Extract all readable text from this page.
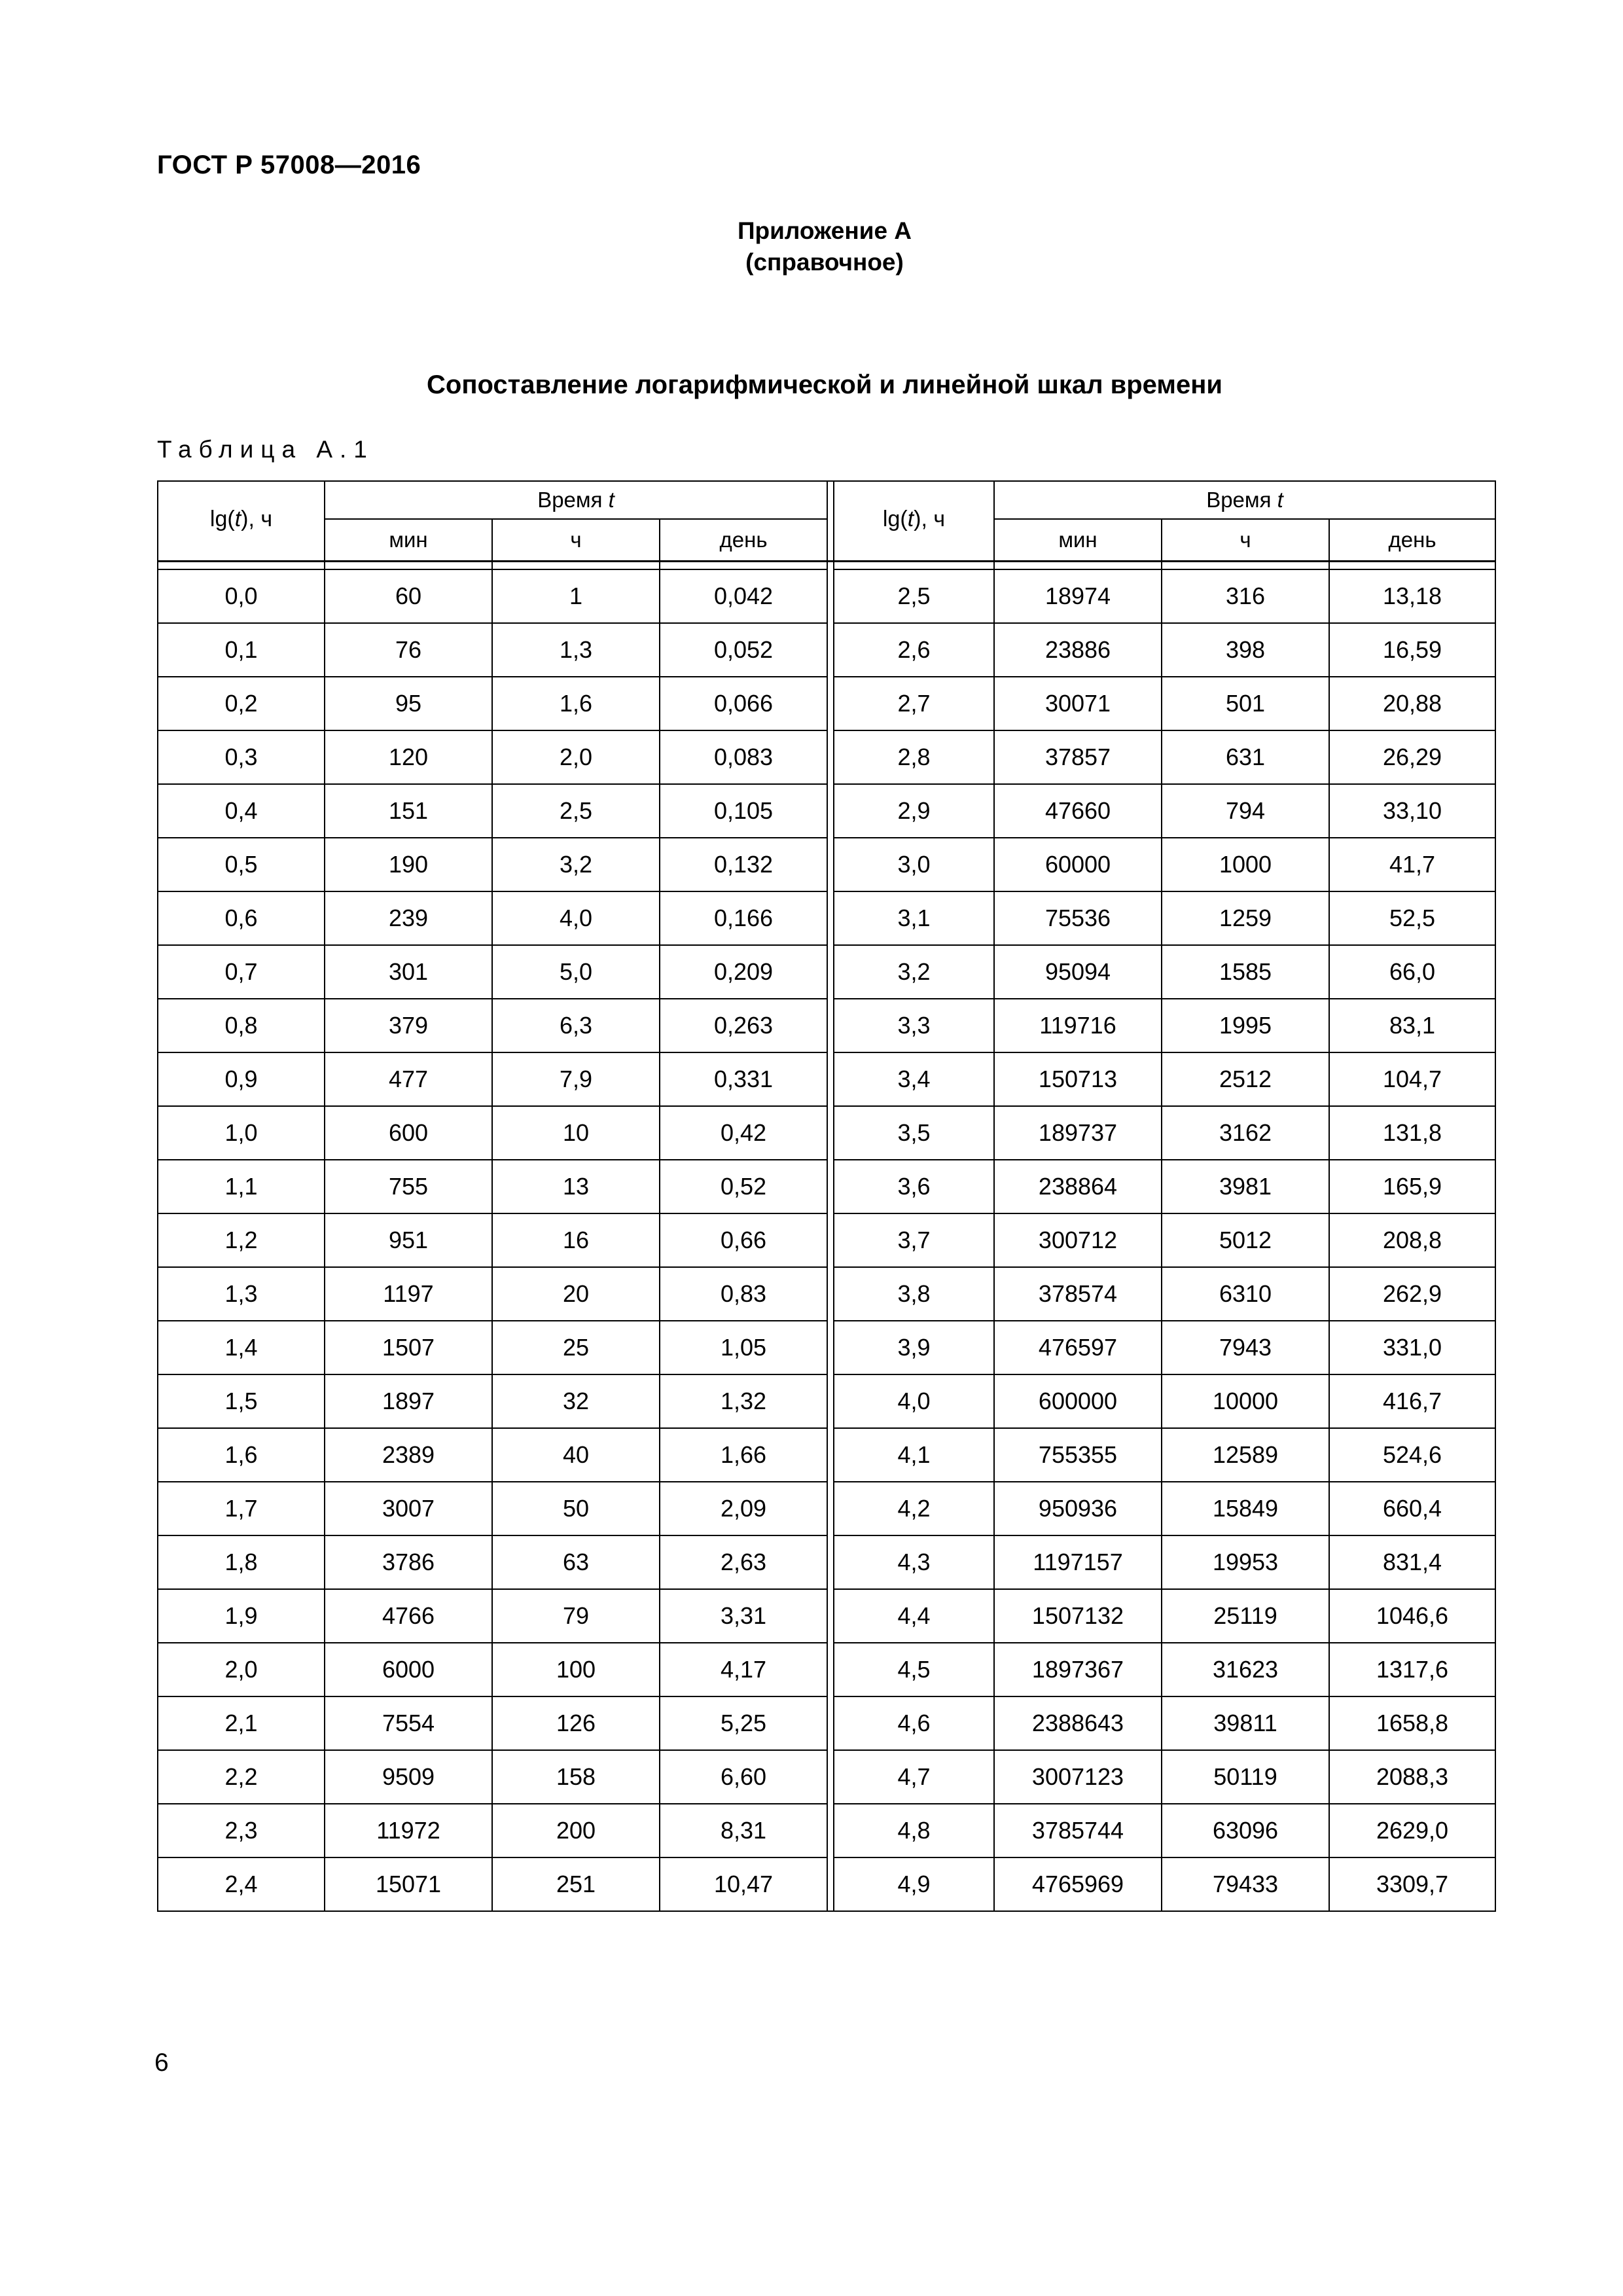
ГОСТ Р 57008—2016
Приложение А
(справочное)
Сопоставление логарифмической и линейной шкал времени
Таблица А.1
lg(t), ч	Время t				lg(t), ч	Время t		
	мин	ч	день			мин	ч	день

0,0	60	1	0,042		2,5	18974	316	13,18
0,1	76	1,3	0,052		2,6	23886	398	16,59
0,2	95	1,6	0,066		2,7	30071	501	20,88
0,3	120	2,0	0,083		2,8	37857	631	26,29
0,4	151	2,5	0,105		2,9	47660	794	33,10
0,5	190	3,2	0,132		3,0	60000	1000	41,7
0,6	239	4,0	0,166		3,1	75536	1259	52,5
0,7	301	5,0	0,209		3,2	95094	1585	66,0
0,8	379	6,3	0,263		3,3	119716	1995	83,1
0,9	477	7,9	0,331		3,4	150713	2512	104,7
1,0	600	10	0,42		3,5	189737	3162	131,8
1,1	755	13	0,52		3,6	238864	3981	165,9
1,2	951	16	0,66		3,7	300712	5012	208,8
1,3	1197	20	0,83		3,8	378574	6310	262,9
1,4	1507	25	1,05		3,9	476597	7943	331,0
1,5	1897	32	1,32		4,0	600000	10000	416,7
1,6	2389	40	1,66		4,1	755355	12589	524,6
1,7	3007	50	2,09		4,2	950936	15849	660,4
1,8	3786	63	2,63		4,3	1197157	19953	831,4
1,9	4766	79	3,31		4,4	1507132	25119	1046,6
2,0	6000	100	4,17		4,5	1897367	31623	1317,6
2,1	7554	126	5,25		4,6	2388643	39811	1658,8
2,2	9509	158	6,60		4,7	3007123	50119	2088,3
2,3	11972	200	8,31		4,8	3785744	63096	2629,0
2,4	15071	251	10,47		4,9	4765969	79433	3309,7
6
